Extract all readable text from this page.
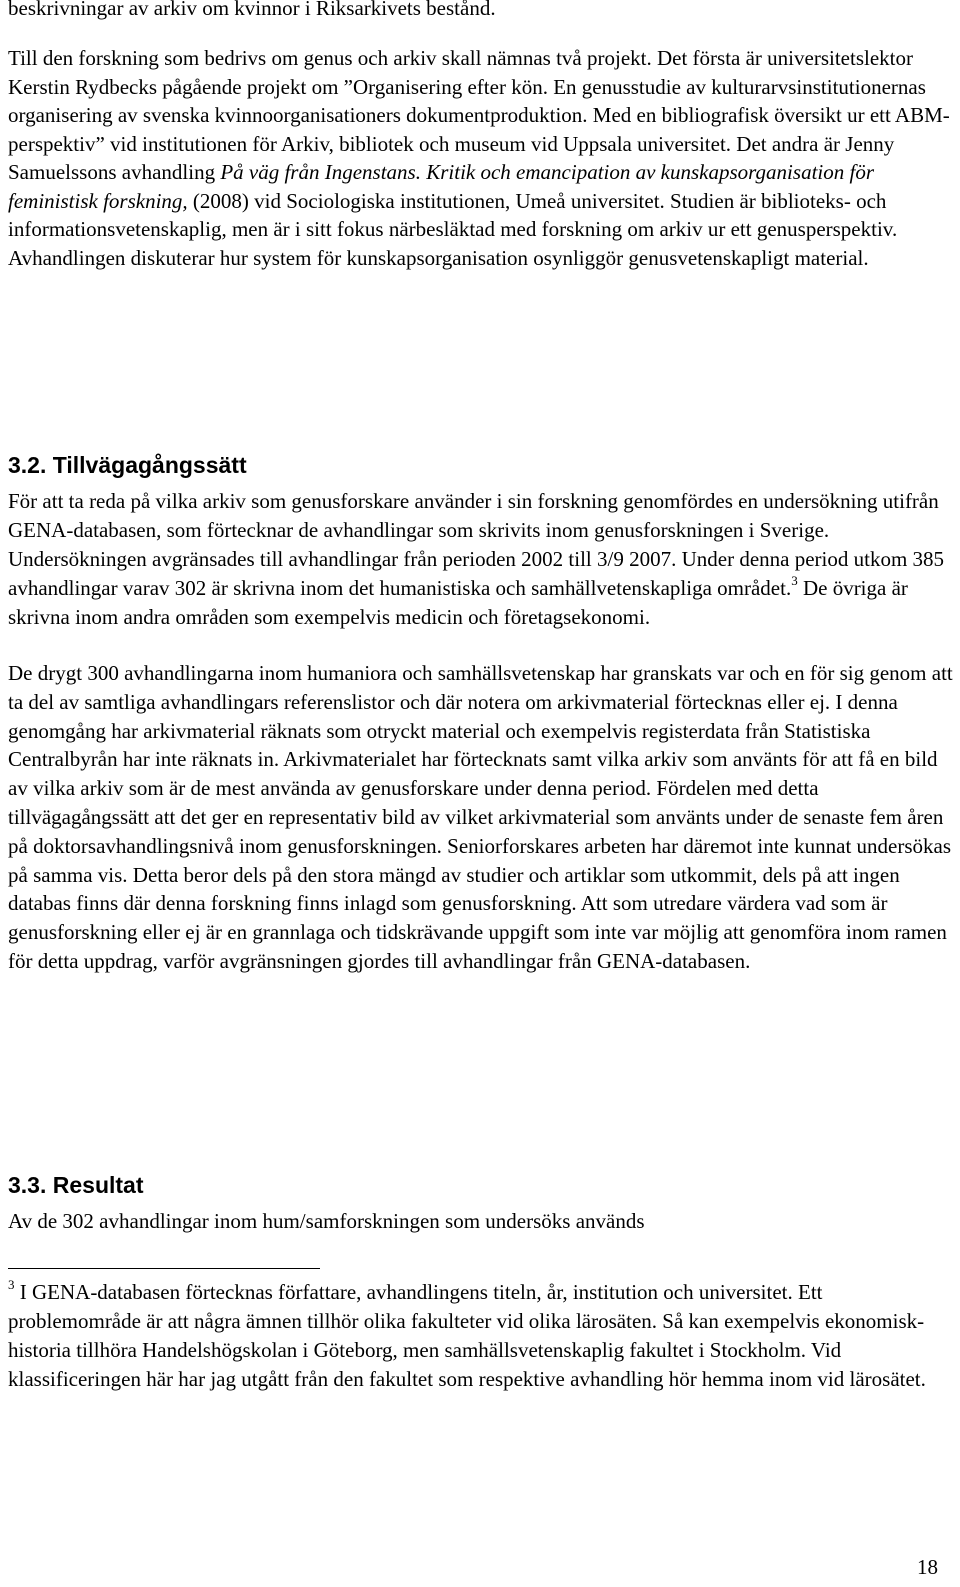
beskrivningar av arkiv om kvinnor i Riksarkivets bestånd.

Till den forskning som bedrivs om genus och arkiv skall nämnas två projekt. Det första är universitetslektor Kerstin Rydbecks pågående projekt om ”Organisering efter kön. En genusstudie av kulturarvsinstitutionernas organisering av svenska kvinnoorganisationers dokumentproduktion. Med en bibliografisk översikt ur ett ABM-perspektiv” vid institutionen för Arkiv, bibliotek och museum vid Uppsala universitet. Det andra är Jenny Samuelssons avhandling På väg från Ingenstans. Kritik och emancipation av kunskapsorganisation för feministisk forskning, (2008) vid Sociologiska institutionen, Umeå universitet. Studien är biblioteks- och informationsvetenskaplig, men är i sitt fokus närbesläktad med forskning om arkiv ur ett genusperspektiv. Avhandlingen diskuterar hur system för kunskapsorganisation osynliggör genusvetenskapligt material.

3.2. Tillvägagångssätt

För att ta reda på vilka arkiv som genusforskare använder i sin forskning genomfördes en undersökning utifrån GENA-databasen, som förtecknar de avhandlingar som skrivits inom genusforskningen i Sverige. Undersökningen avgränsades till avhandlingar från perioden 2002 till 3/9 2007. Under denna period utkom 385 avhandlingar varav 302 är skrivna inom det humanistiska och samhällvetenskapliga området.$^3$ De övriga är skrivna inom andra områden som exempelvis medicin och företagsekonomi.

De drygt 300 avhandlingarna inom humaniora och samhällsvetenskap har granskats var och en för sig genom att ta del av samtliga avhandlingars referenslistor och där notera om arkivmaterial förtecknas eller ej. I denna genomgång har arkivmaterial räknats som otryckt material och exempelvis registerdata från Statistiska Centralbyrån har inte räknats in. Arkivmaterialet har förtecknats samt vilka arkiv som använts för att få en bild av vilka arkiv som är de mest använda av genusforskare under denna period. Fördelen med detta tillvägagångssätt att det ger en representativ bild av vilket arkivmaterial som använts under de senaste fem åren på doktorsavhandlingsnivå inom genusforskningen. Seniorforskares arbeten har däremot inte kunnat undersökas på samma vis. Detta beror dels på den stora mängd av studier och artiklar som utkommit, dels på att ingen databas finns där denna forskning finns inlagd som genusforskning. Att som utredare värdera vad som är genusforskning eller ej är en grannlaga och tidskrävande uppgift som inte var möjlig att genomföra inom ramen för detta uppdrag, varför avgränsningen gjordes till avhandlingar från GENA-databasen.

3.3. Resultat

Av de 302 avhandlingar inom hum/samforskningen som undersöks används

$^3$ I GENA-databasen förtecknas författare, avhandlingens titeln, år, institution och universitet. Ett problemområde är att några ämnen tillhör olika fakulteter vid olika lärosäten. Så kan exempelvis ekonomisk-historia tillhöra Handelshögskolan i Göteborg, men samhällsvetenskaplig fakultet i Stockholm. Vid klassificeringen här har jag utgått från den fakultet som respektive avhandling hör hemma inom vid lärosätet.

18
